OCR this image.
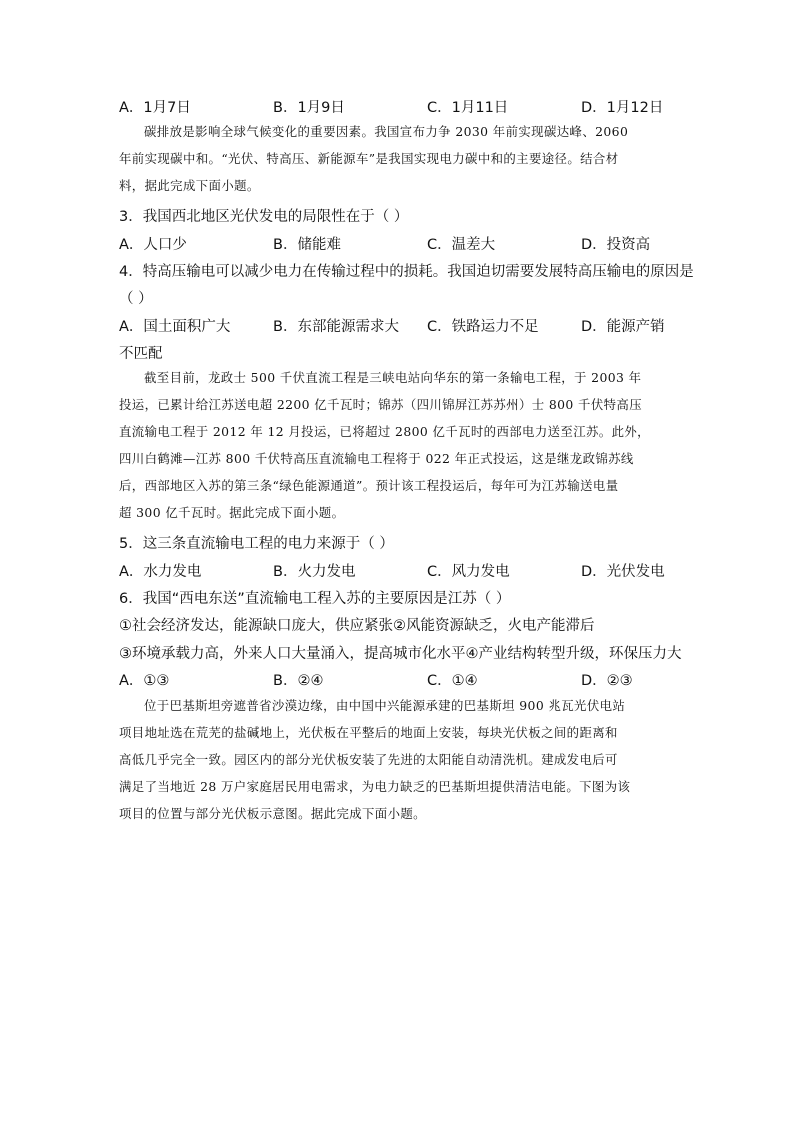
A．1月7日	B．1月9日	C．1月11日	D．1月12日
碳排放是影响全球气候变化的重要因素。我国宣布力争 2030 年前实现碳达峰、2060
年前实现碳中和。“光伏、特高压、新能源车”是我国实现电力碳中和的主要途径。结合材
料，据此完成下面小题。
3．我国西北地区光伏发电的局限性在于（ ）
A．人口少	B．储能难	C．温差大	D．投资高
4．特高压输电可以减少电力在传输过程中的损耗。我国迫切需要发展特高压输电的原因是
（ ）
A．国土面积广大	B．东部能源需求大 C．铁路运力不足	D．能源产销
不匹配
截至目前，龙政士 500 千伏直流工程是三峡电站向华东的第一条输电工程，于 2003 年
投运，已累计给江苏送电超 2200 亿千瓦时；锦苏（四川锦屏江苏苏州）士 800 千伏特高压
直流输电工程于 2012 年 12 月投运，已将超过 2800 亿千瓦时的西部电力送至江苏。此外，
四川白鹤滩—江苏 800 千伏特高压直流输电工程将于 022 年正式投运，这是继龙政锦苏线
后，西部地区入苏的第三条“绿色能源通道”。预计该工程投运后，每年可为江苏输送电量
超 300 亿千瓦时。据此完成下面小题。
5．这三条直流输电工程的电力来源于（ ）
A．水力发电	B．火力发电	C．风力发电	D．光伏发电
6．我国“西电东送”直流输电工程入苏的主要原因是江苏（ ）
①社会经济发达，能源缺口庞大，供应紧张②风能资源缺乏，火电产能滞后
③环境承载力高，外来人口大量涌入，提高城市化水平④产业结构转型升级，环保压力大
A．①③	B．②④	C．①④	D．②③
位于巴基斯坦旁遮普省沙漠边缘，由中国中兴能源承建的巴基斯坦 900 兆瓦光伏电站
项目地址选在荒芜的盐碱地上，光伏板在平整后的地面上安装，每块光伏板之间的距离和
高低几乎完全一致。园区内的部分光伏板安装了先进的太阳能自动清洗机。建成发电后可
满足了当地近 28 万户家庭居民用电需求，为电力缺乏的巴基斯坦提供清洁电能。下图为该
项目的位置与部分光伏板示意图。据此完成下面小题。
